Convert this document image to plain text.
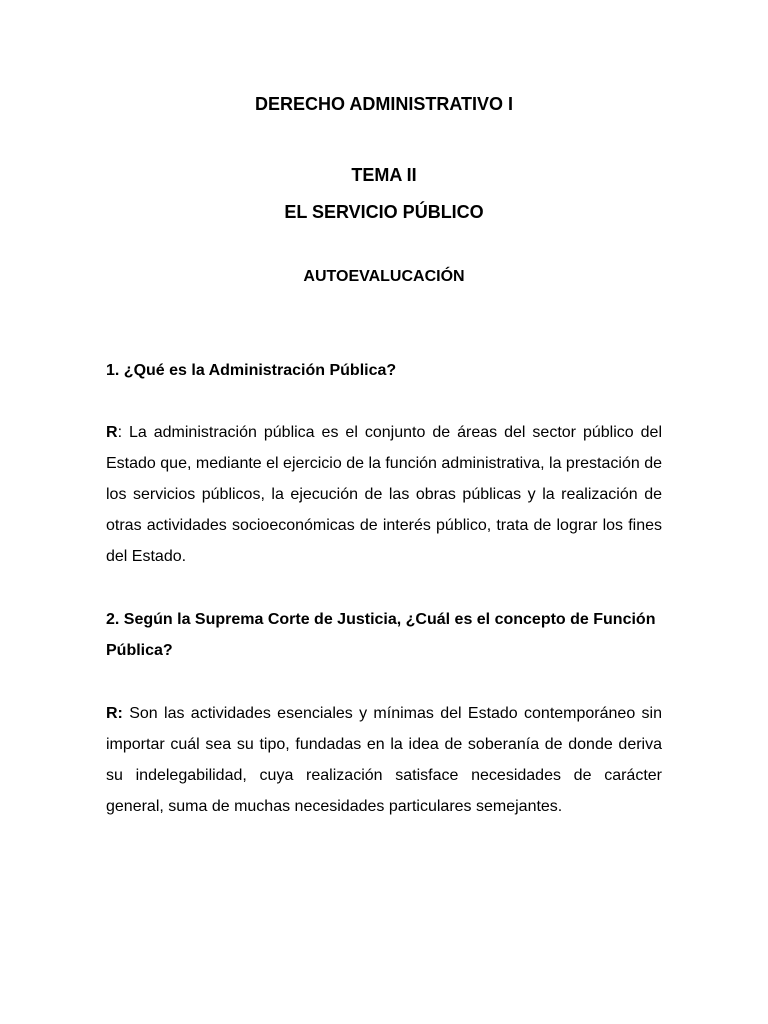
DERECHO ADMINISTRATIVO I
TEMA II
EL SERVICIO PÚBLICO
AUTOEVALUCACIÓN

1. ¿Qué es la Administración Pública?

R: La administración pública es el conjunto de áreas del sector público del Estado que, mediante el ejercicio de la función administrativa, la prestación de los servicios públicos, la ejecución de las obras públicas y la realización de otras actividades socioeconómicas de interés público, trata de lograr los fines del Estado.

2. Según la Suprema Corte de Justicia, ¿Cuál es el concepto de Función Pública?

R: Son las actividades esenciales y mínimas del Estado contemporáneo sin importar cuál sea su tipo, fundadas en la idea de soberanía de donde deriva su indelegabilidad, cuya realización satisface necesidades de carácter general, suma de muchas necesidades particulares semejantes.
